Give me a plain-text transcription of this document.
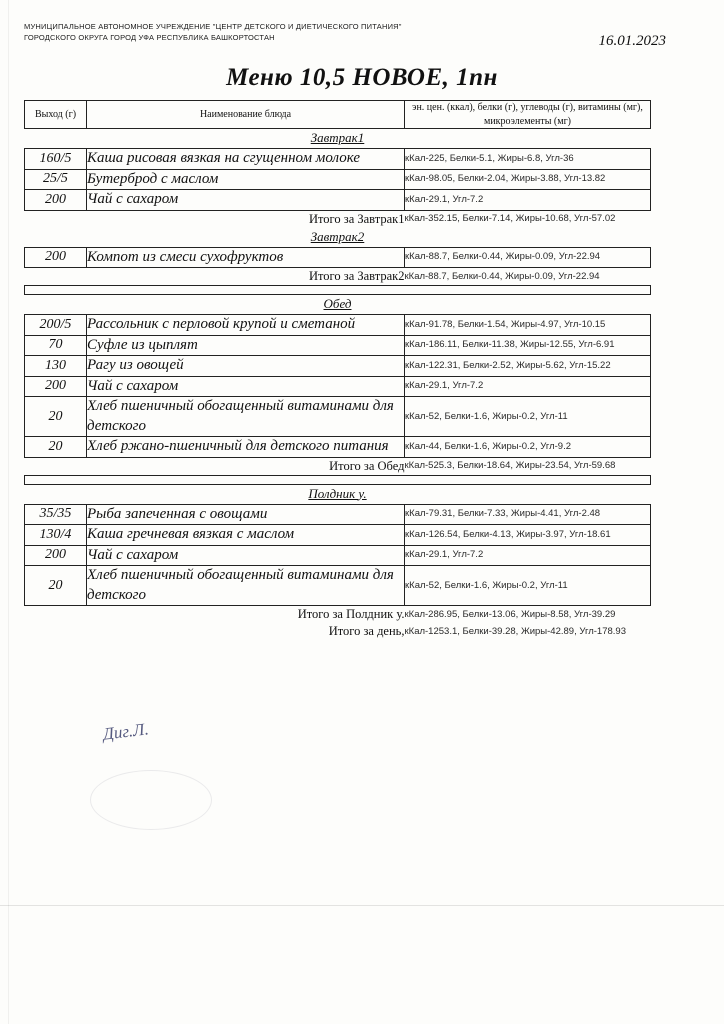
МУНИЦИПАЛЬНОЕ АВТОНОМНОЕ УЧРЕЖДЕНИЕ "ЦЕНТР ДЕТСКОГО И ДИЕТИЧЕСКОГО ПИТАНИЯ" ГОРОДСКОГО ОКРУГА ГОРОД УФА РЕСПУБЛИКА БАШКОРТОСТАН	16.01.2023
Меню 10,5 НОВОЕ, 1пн
Выход (г)	Наименование блюда	эн. цен. (ккал), белки (г), углеводы (г), витамины (мг), микроэлементы (мг)

Завтрак1		

160/5	Каша рисовая вязкая на сгущенном молоке	кКал-225, Белки-5.1, Жиры-6.8, Угл-36
25/5	Бутерброд с маслом	кКал-98.05, Белки-2.04, Жиры-3.88, Угл-13.82
200	Чай с сахаром	кКал-29.1, Угл-7.2
Итого за Завтрак1		кКал-352.15, Белки-7.14, Жиры-10.68, Угл-57.02

Завтрак2		

200	Компот из смеси сухофруктов	кКал-88.7, Белки-0.44, Жиры-0.09, Угл-22.94
Итого за Завтрак2		кКал-88.7, Белки-0.44, Жиры-0.09, Угл-22.94

Обед		

200/5	Рассольник с перловой крупой и сметаной	кКал-91.78, Белки-1.54, Жиры-4.97, Угл-10.15
70	Суфле из цыплят	кКал-186.11, Белки-11.38, Жиры-12.55, Угл-6.91
130	Рагу из овощей	кКал-122.31, Белки-2.52, Жиры-5.62, Угл-15.22
200	Чай с сахаром	кКал-29.1, Угл-7.2
20	Хлеб пшеничный обогащенный витаминами для детского	кКал-52, Белки-1.6, Жиры-0.2, Угл-11
20	Хлеб ржано-пшеничный для детского питания	кКал-44, Белки-1.6, Жиры-0.2, Угл-9.2
Итого за Обед		кКал-525.3, Белки-18.64, Жиры-23.54, Угл-59.68

Полдник у.		

35/35	Рыба запеченная с овощами	кКал-79.31, Белки-7.33, Жиры-4.41, Угл-2.48
130/4	Каша гречневая вязкая с маслом	кКал-126.54, Белки-4.13, Жиры-3.97, Угл-18.61
200	Чай с сахаром	кКал-29.1, Угл-7.2
20	Хлеб пшеничный обогащенный витаминами для детского	кКал-52, Белки-1.6, Жиры-0.2, Угл-11
Итого за Полдник у.		кКал-286.95, Белки-13.06, Жиры-8.58, Угл-39.29
Итого за день,		кКал-1253.1, Белки-39.28, Жиры-42.89, Угл-178.93
Диг.Л.
